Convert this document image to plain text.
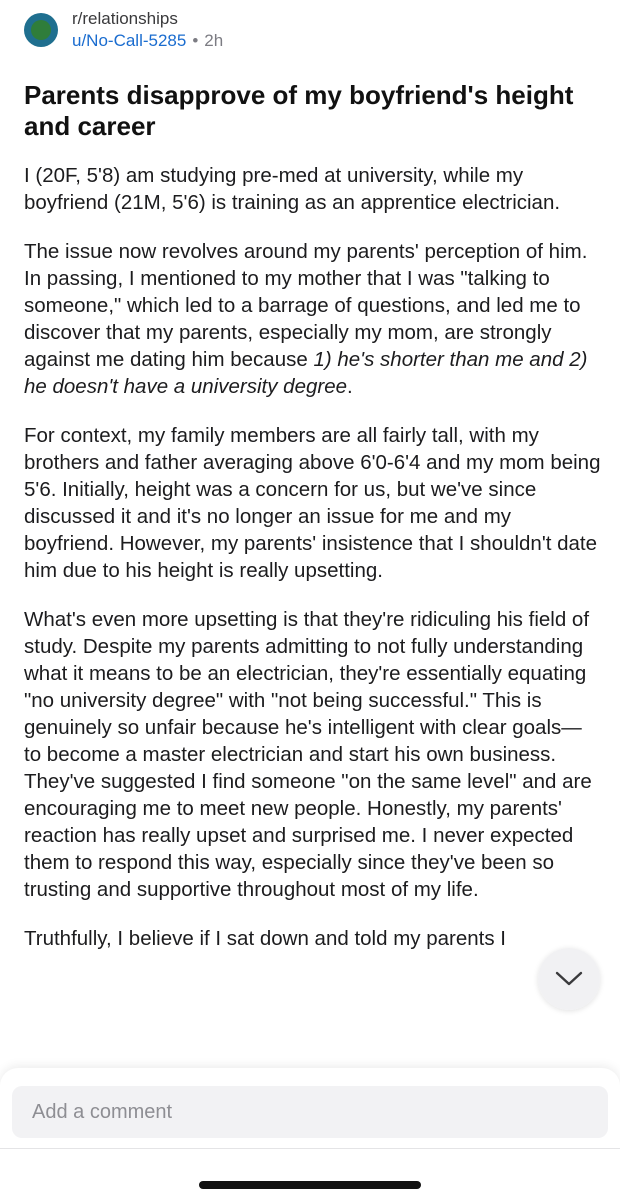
r/relationships
u/No-Call-5285 • 2h
Parents disapprove of my boyfriend's height and career

I (20F, 5'8) am studying pre-med at university, while my boyfriend (21M, 5'6) is training as an apprentice electrician.

The issue now revolves around my parents' perception of him. In passing, I mentioned to my mother that I was "talking to someone," which led to a barrage of questions, and led me to discover that my parents, especially my mom, are strongly against me dating him because 1) he's shorter than me and 2) he doesn't have a university degree.

For context, my family members are all fairly tall, with my brothers and father averaging above 6'0-6'4 and my mom being 5'6. Initially, height was a concern for us, but we've since discussed it and it's no longer an issue for me and my boyfriend. However, my parents' insistence that I shouldn't date him due to his height is really upsetting.

What's even more upsetting is that they're ridiculing his field of study. Despite my parents admitting to not fully understanding what it means to be an electrician, they're essentially equating "no university degree" with "not being successful." This is genuinely so unfair because he's intelligent with clear goals— to become a master electrician and start his own business. They've suggested I find someone "on the same level" and are encouraging me to meet new people. Honestly, my parents' reaction has really upset and surprised me. I never expected them to respond this way, especially since they've been so trusting and supportive throughout most of my life.

Truthfully, I believe if I sat down and told my parents I

Add a comment
